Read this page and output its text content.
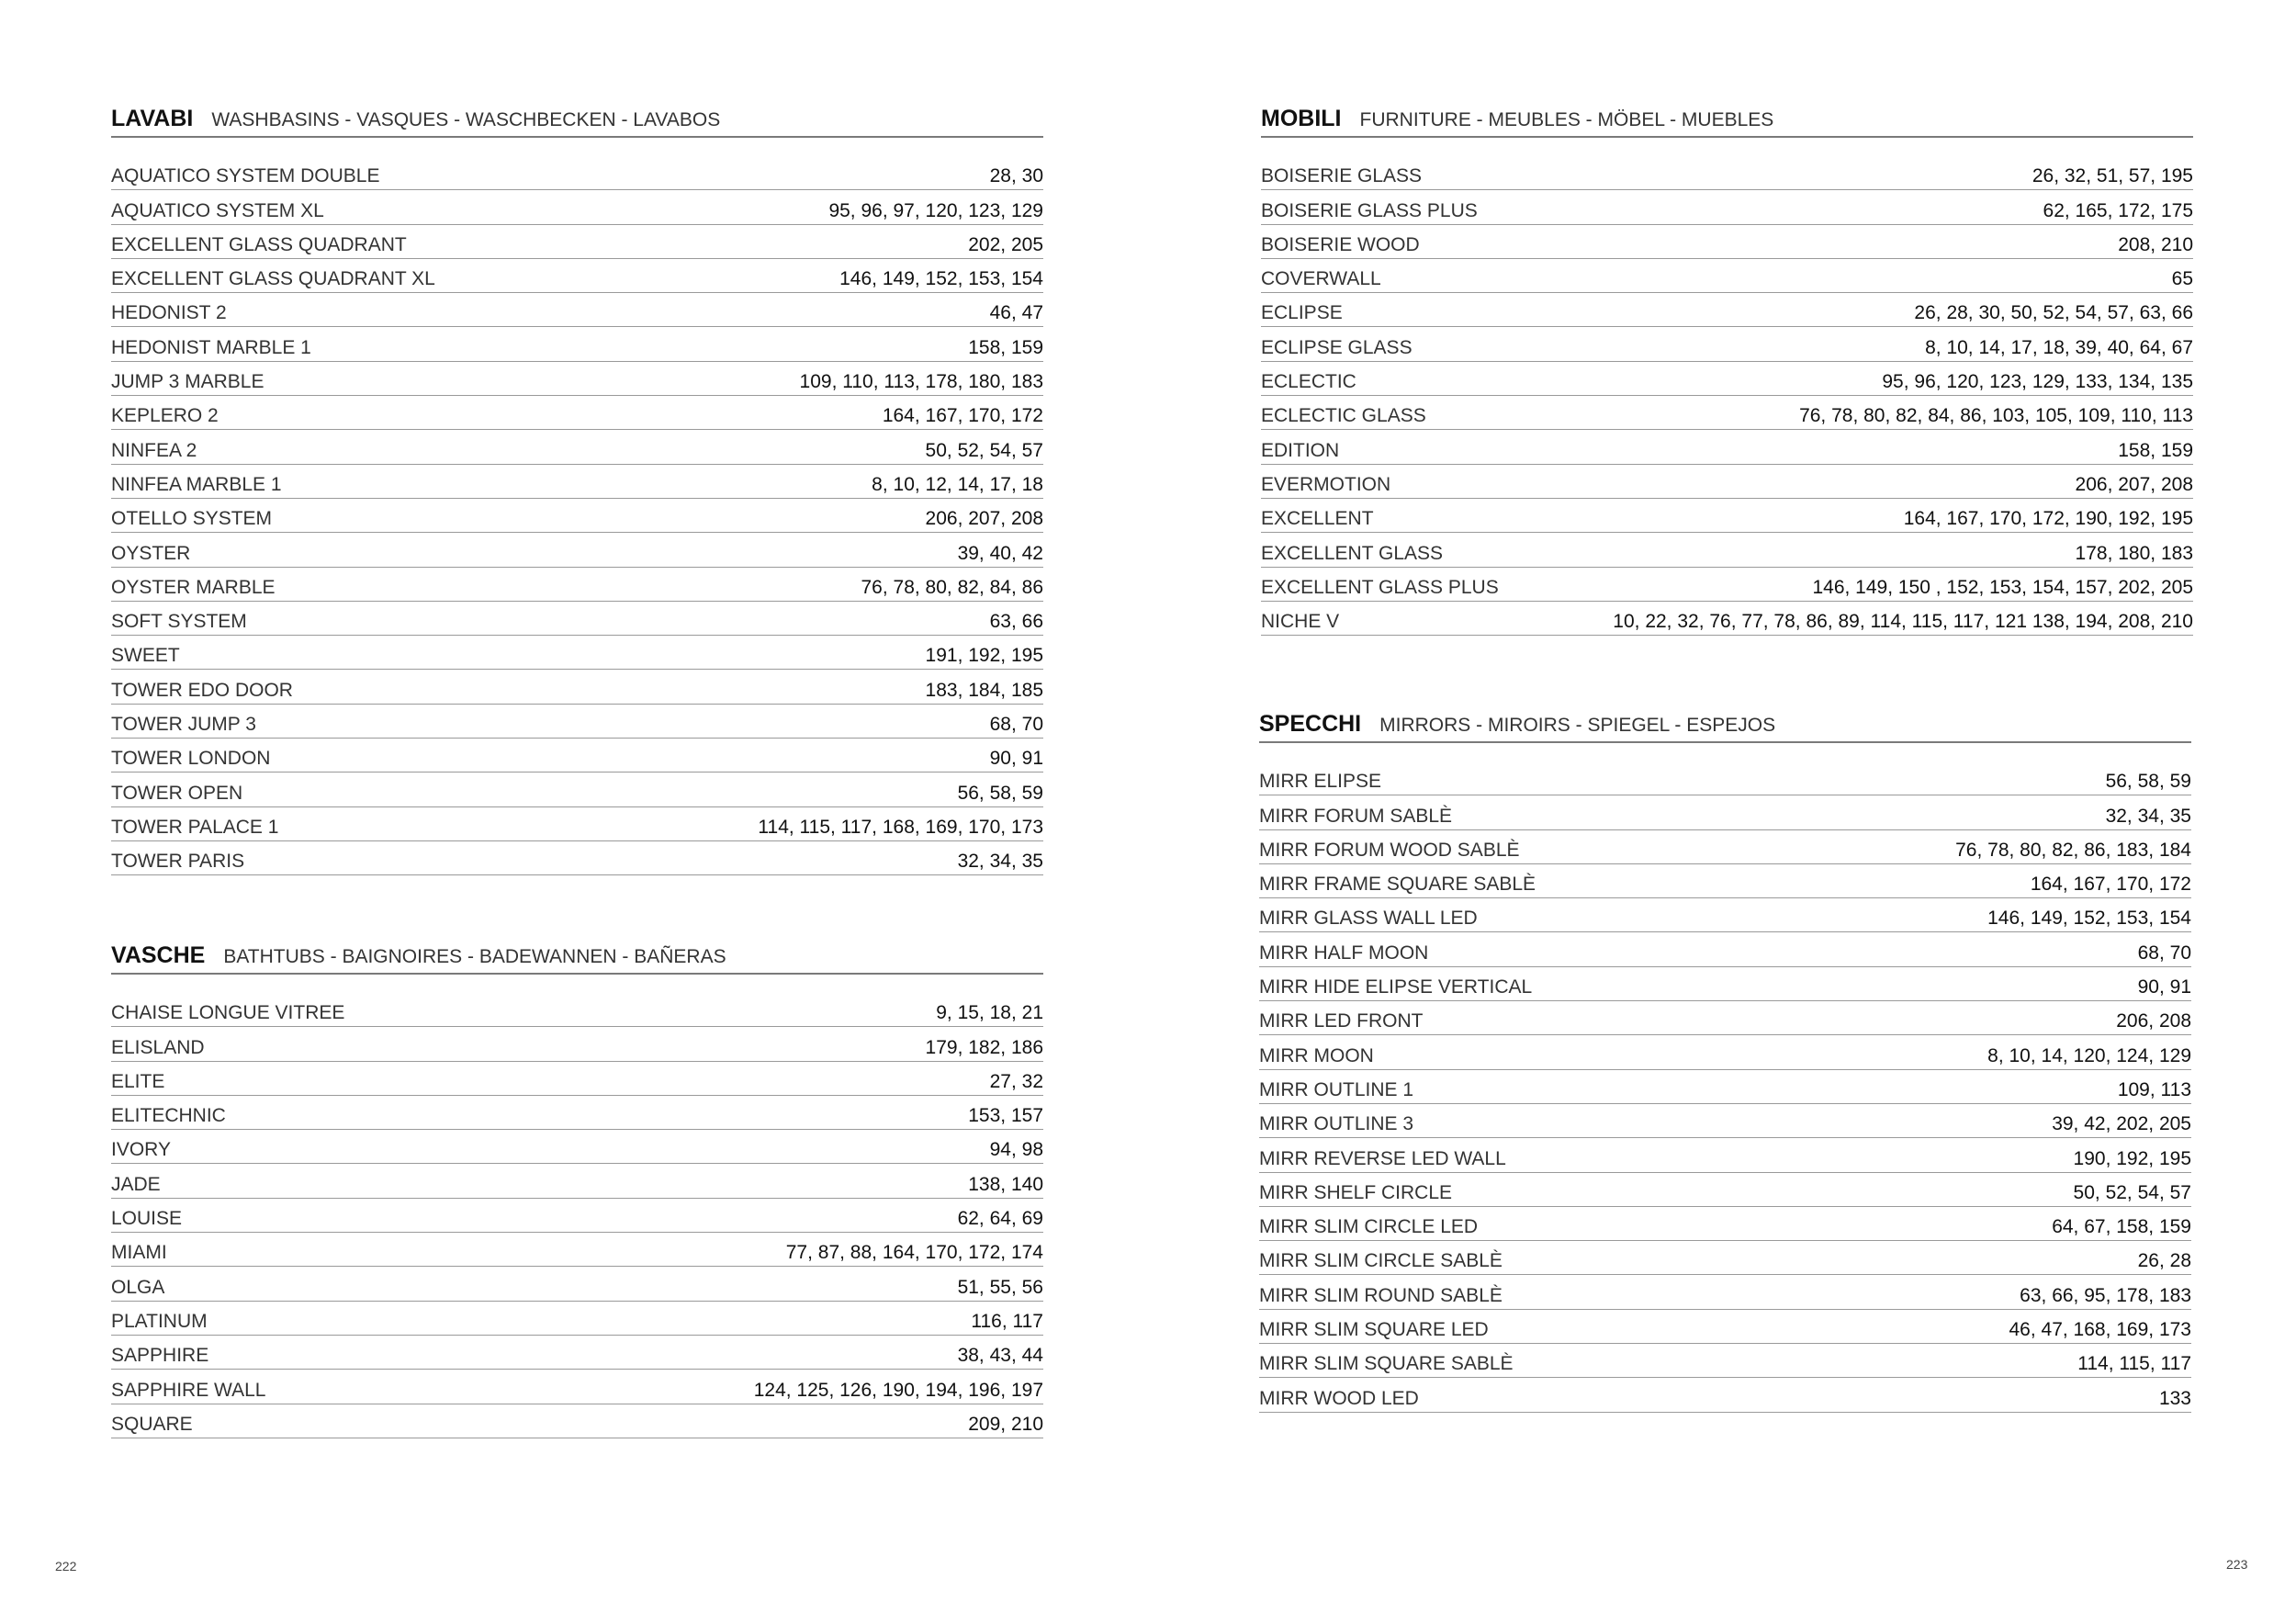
LAVABI WASHBASINS - VASQUES - WASCHBECKEN - LAVABOS
AQUATICO SYSTEM DOUBLE	28, 30
AQUATICO SYSTEM XL	95, 96, 97, 120, 123, 129
EXCELLENT GLASS QUADRANT	202, 205
EXCELLENT GLASS QUADRANT XL	146, 149, 152, 153, 154
HEDONIST 2	46, 47
HEDONIST MARBLE 1	158, 159
JUMP 3 MARBLE	109, 110, 113, 178, 180, 183
KEPLERO 2	164, 167, 170, 172
NINFEA 2	50, 52, 54, 57
NINFEA MARBLE 1	8, 10, 12, 14, 17, 18
OTELLO SYSTEM	206, 207, 208
OYSTER	39, 40, 42
OYSTER MARBLE	76, 78, 80, 82, 84, 86
SOFT SYSTEM	63, 66
SWEET	191, 192, 195
TOWER EDO DOOR	183, 184, 185
TOWER JUMP 3	68, 70
TOWER LONDON	90, 91
TOWER OPEN	56, 58, 59
TOWER PALACE 1	114, 115, 117, 168, 169, 170, 173
TOWER PARIS	32, 34, 35
VASCHE BATHTUBS - BAIGNOIRES - BADEWANNEN - BAÑERAS
CHAISE LONGUE VITREE	9, 15, 18, 21
ELISLAND	179, 182, 186
ELITE	27, 32
ELITECHNIC	153, 157
IVORY	94, 98
JADE	138, 140
LOUISE	62, 64, 69
MIAMI	77, 87, 88, 164, 170, 172, 174
OLGA	51, 55, 56
PLATINUM	116, 117
SAPPHIRE	38, 43, 44
SAPPHIRE WALL	124, 125, 126, 190, 194, 196, 197
SQUARE	209, 210
MOBILI FURNITURE - MEUBLES - MÖBEL - MUEBLES
BOISERIE GLASS	26, 32, 51, 57, 195
BOISERIE GLASS PLUS	62, 165, 172, 175
BOISERIE WOOD	208, 210
COVERWALL	65
ECLIPSE	26, 28, 30, 50, 52, 54, 57, 63, 66
ECLIPSE GLASS	8, 10, 14, 17, 18, 39, 40, 64, 67
ECLECTIC	95, 96, 120, 123, 129, 133, 134, 135
ECLECTIC GLASS	76, 78, 80, 82, 84, 86, 103, 105, 109, 110, 113
EDITION	158, 159
EVERMOTION	206, 207, 208
EXCELLENT	164, 167, 170, 172, 190, 192, 195
EXCELLENT GLASS	178, 180, 183
EXCELLENT GLASS PLUS	146, 149, 150 , 152, 153, 154, 157, 202, 205
NICHE V	10, 22, 32, 76, 77, 78, 86, 89, 114, 115, 117, 121 138, 194, 208, 210
SPECCHI MIRRORS - MIROIRS - SPIEGEL - ESPEJOS
MIRR ELIPSE	56, 58, 59
MIRR FORUM SABLÈ	32, 34, 35
MIRR FORUM WOOD SABLÈ	76, 78, 80, 82, 86, 183, 184
MIRR FRAME SQUARE SABLÈ	164, 167, 170, 172
MIRR GLASS WALL LED	146, 149, 152, 153, 154
MIRR HALF MOON	68, 70
MIRR HIDE ELIPSE VERTICAL	90, 91
MIRR LED FRONT	206, 208
MIRR MOON	8, 10, 14, 120, 124, 129
MIRR OUTLINE 1	109, 113
MIRR OUTLINE 3	39, 42, 202, 205
MIRR REVERSE LED WALL	190, 192, 195
MIRR SHELF CIRCLE	50, 52, 54, 57
MIRR SLIM CIRCLE LED	64, 67, 158, 159
MIRR SLIM CIRCLE SABLÈ	26, 28
MIRR SLIM ROUND SABLÈ	63, 66, 95, 178, 183
MIRR SLIM SQUARE LED	46, 47, 168, 169, 173
MIRR SLIM SQUARE SABLÈ	114, 115, 117
MIRR WOOD LED	133
222	223
